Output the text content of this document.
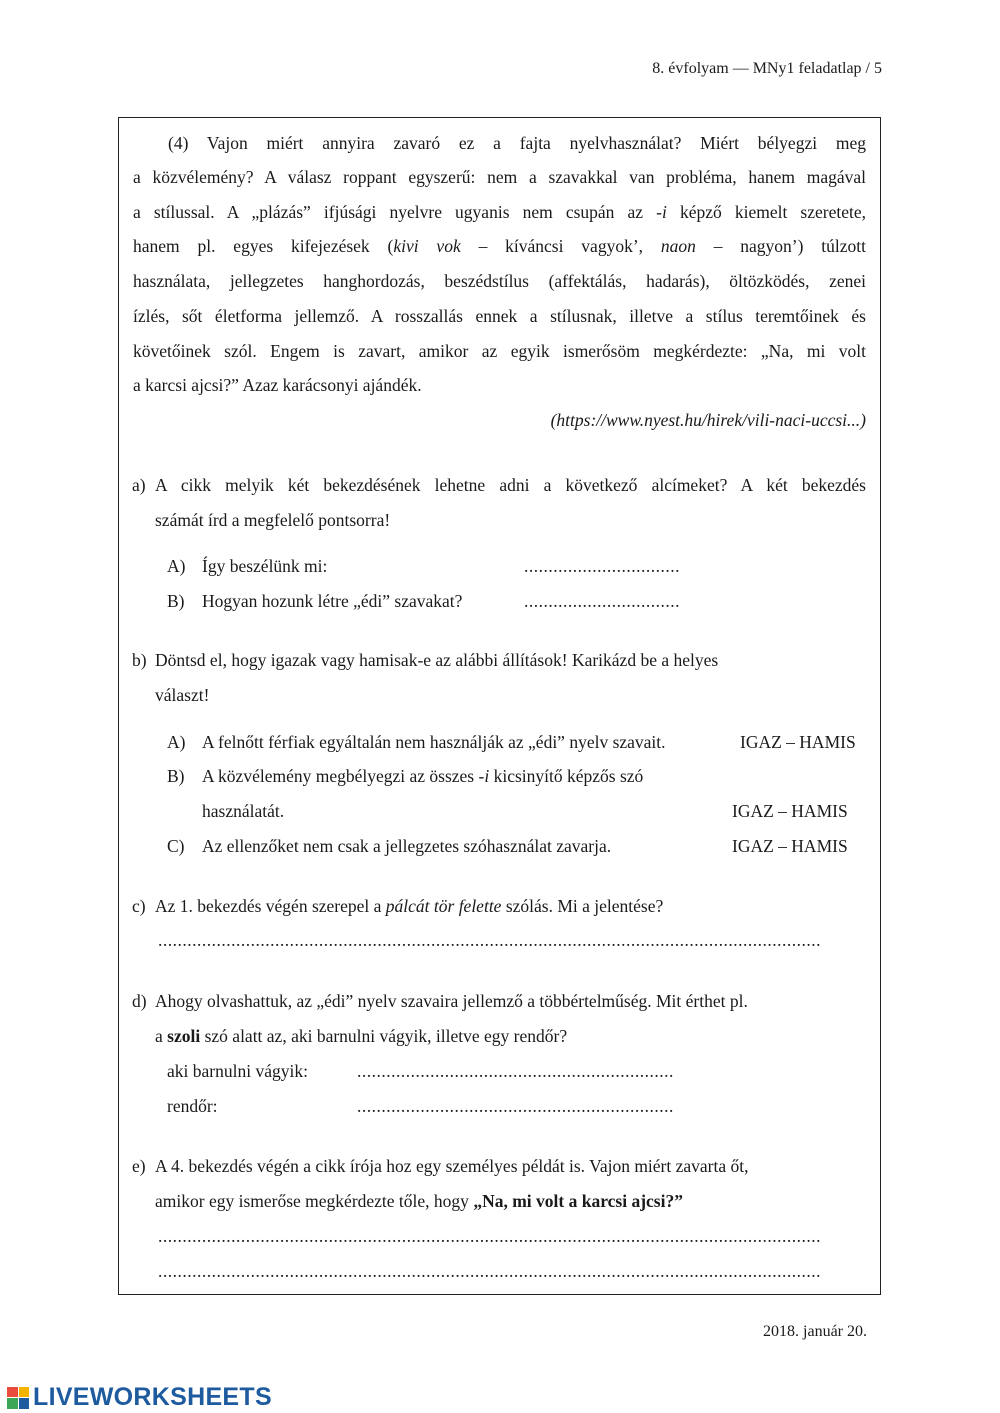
8. évfolyam — MNy1 feladatlap / 5
(4) Vajon miért annyira zavaró ez a fajta nyelvhasználat? Miért bélyegzi meg
a közvélemény? A válasz roppant egyszerű: nem a szavakkal van probléma, hanem magával
a stílussal. A „plázás” ifjúsági nyelvre ugyanis nem csupán az -i képző kiemelt szeretete,
hanem pl. egyes kifejezések (kivi vok – kíváncsi vagyok’, naon – nagyon’) túlzott
használata, jellegzetes hanghordozás, beszédstílus (affektálás, hadarás), öltözködés, zenei
ízlés, sőt életforma jellemző. A rosszallás ennek a stílusnak, illetve a stílus teremtőinek és
követőinek szól. Engem is zavart, amikor az egyik ismerősöm megkérdezte: „Na, mi volt
a karcsi ajcsi?” Azaz karácsonyi ajándék.
(https://www.nyest.hu/hirek/vili-naci-uccsi...)
a) A cikk melyik két bekezdésének lehetne adni a következő alcímeket? A két bekezdés
számát írd a megfelelő pontsorra!
A) Így beszélünk mi:	................................
B) Hogyan hozunk létre „édi” szavakat?	................................
b) Döntsd el, hogy igazak vagy hamisak-e az alábbi állítások! Karikázd be a helyes
választ!
A) A felnőtt férfiak egyáltalán nem használják az „édi” nyelv szavait.	IGAZ – HAMIS
B) A közvélemény megbélyegzi az összes -i kicsinyítő képzős szó
használatát.	IGAZ – HAMIS
C) Az ellenzőket nem csak a jellegzetes szóhasználat zavarja.	IGAZ – HAMIS
c) Az 1. bekezdés végén szerepel a pálcát tör felette szólás. Mi a jelentése?
........................................................................................................................................
d) Ahogy olvashattuk, az „édi” nyelv szavaira jellemző a többértelműség. Mit érthet pl.
a szoli szó alatt az, aki barnulni vágyik, illetve egy rendőr?
aki barnulni vágyik:	.................................................................
rendőr:	.................................................................
e) A 4. bekezdés végén a cikk írója hoz egy személyes példát is. Vajon miért zavarta őt,
amikor egy ismerőse megkérdezte tőle, hogy „Na, mi volt a karcsi ajcsi?”
........................................................................................................................................
........................................................................................................................................
2018. január 20.
LIVEWORKSHEETS
